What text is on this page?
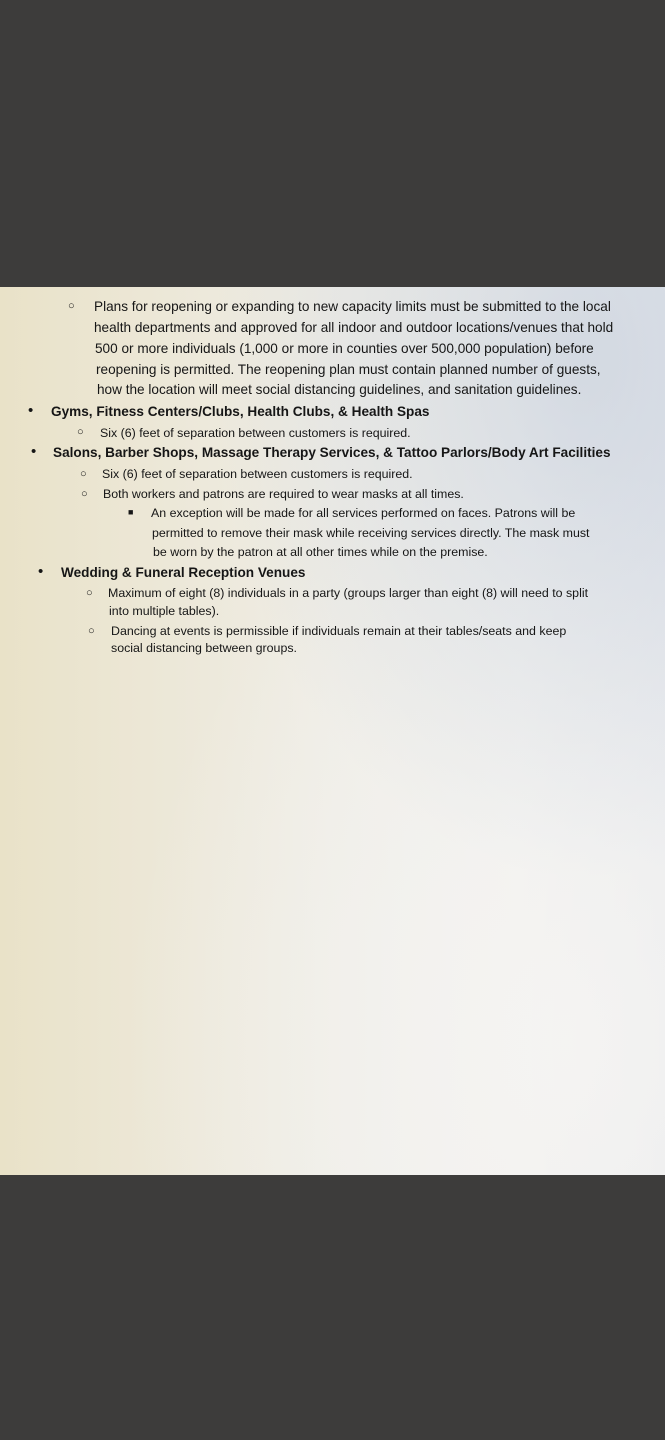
○ Plans for reopening or expanding to new capacity limits must be submitted to the local
health departments and approved for all indoor and outdoor locations/venues that hold
500 or more individuals (1,000 or more in counties over 500,000 population) before
reopening is permitted. The reopening plan must contain planned number of guests,
how the location will meet social distancing guidelines, and sanitation guidelines.
• Gyms, Fitness Centers/Clubs, Health Clubs, & Health Spas
○ Six (6) feet of separation between customers is required.
• Salons, Barber Shops, Massage Therapy Services, & Tattoo Parlors/Body Art Facilities
○ Six (6) feet of separation between customers is required.
○ Both workers and patrons are required to wear masks at all times.
■ An exception will be made for all services performed on faces. Patrons will be
permitted to remove their mask while receiving services directly. The mask must
be worn by the patron at all other times while on the premise.
• Wedding & Funeral Reception Venues
○ Maximum of eight (8) individuals in a party (groups larger than eight (8) will need to split
into multiple tables).
○ Dancing at events is permissible if individuals remain at their tables/seats and keep
social distancing between groups.
